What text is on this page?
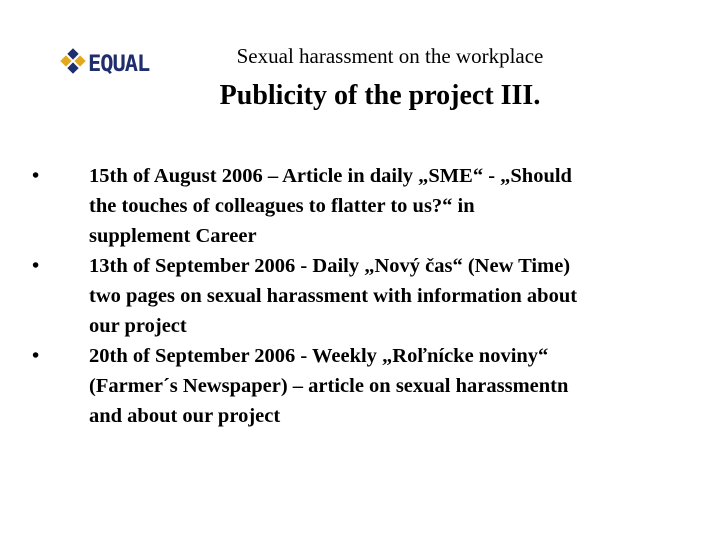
EQUAL	Sexual harassment on the workplace
Publicity of the project III.
•	15th of August 2006 – Article in daily „SME“ - „Should
the touches of colleagues to flatter to us?“ in
supplement Career
•	13th of September 2006 - Daily „Nový čas“ (New Time)
two pages on sexual harassment with information about
our project
•	20th of September 2006 - Weekly „Roľnícke noviny“
(Farmer´s Newspaper) – article on sexual harassmentn
and about our project
